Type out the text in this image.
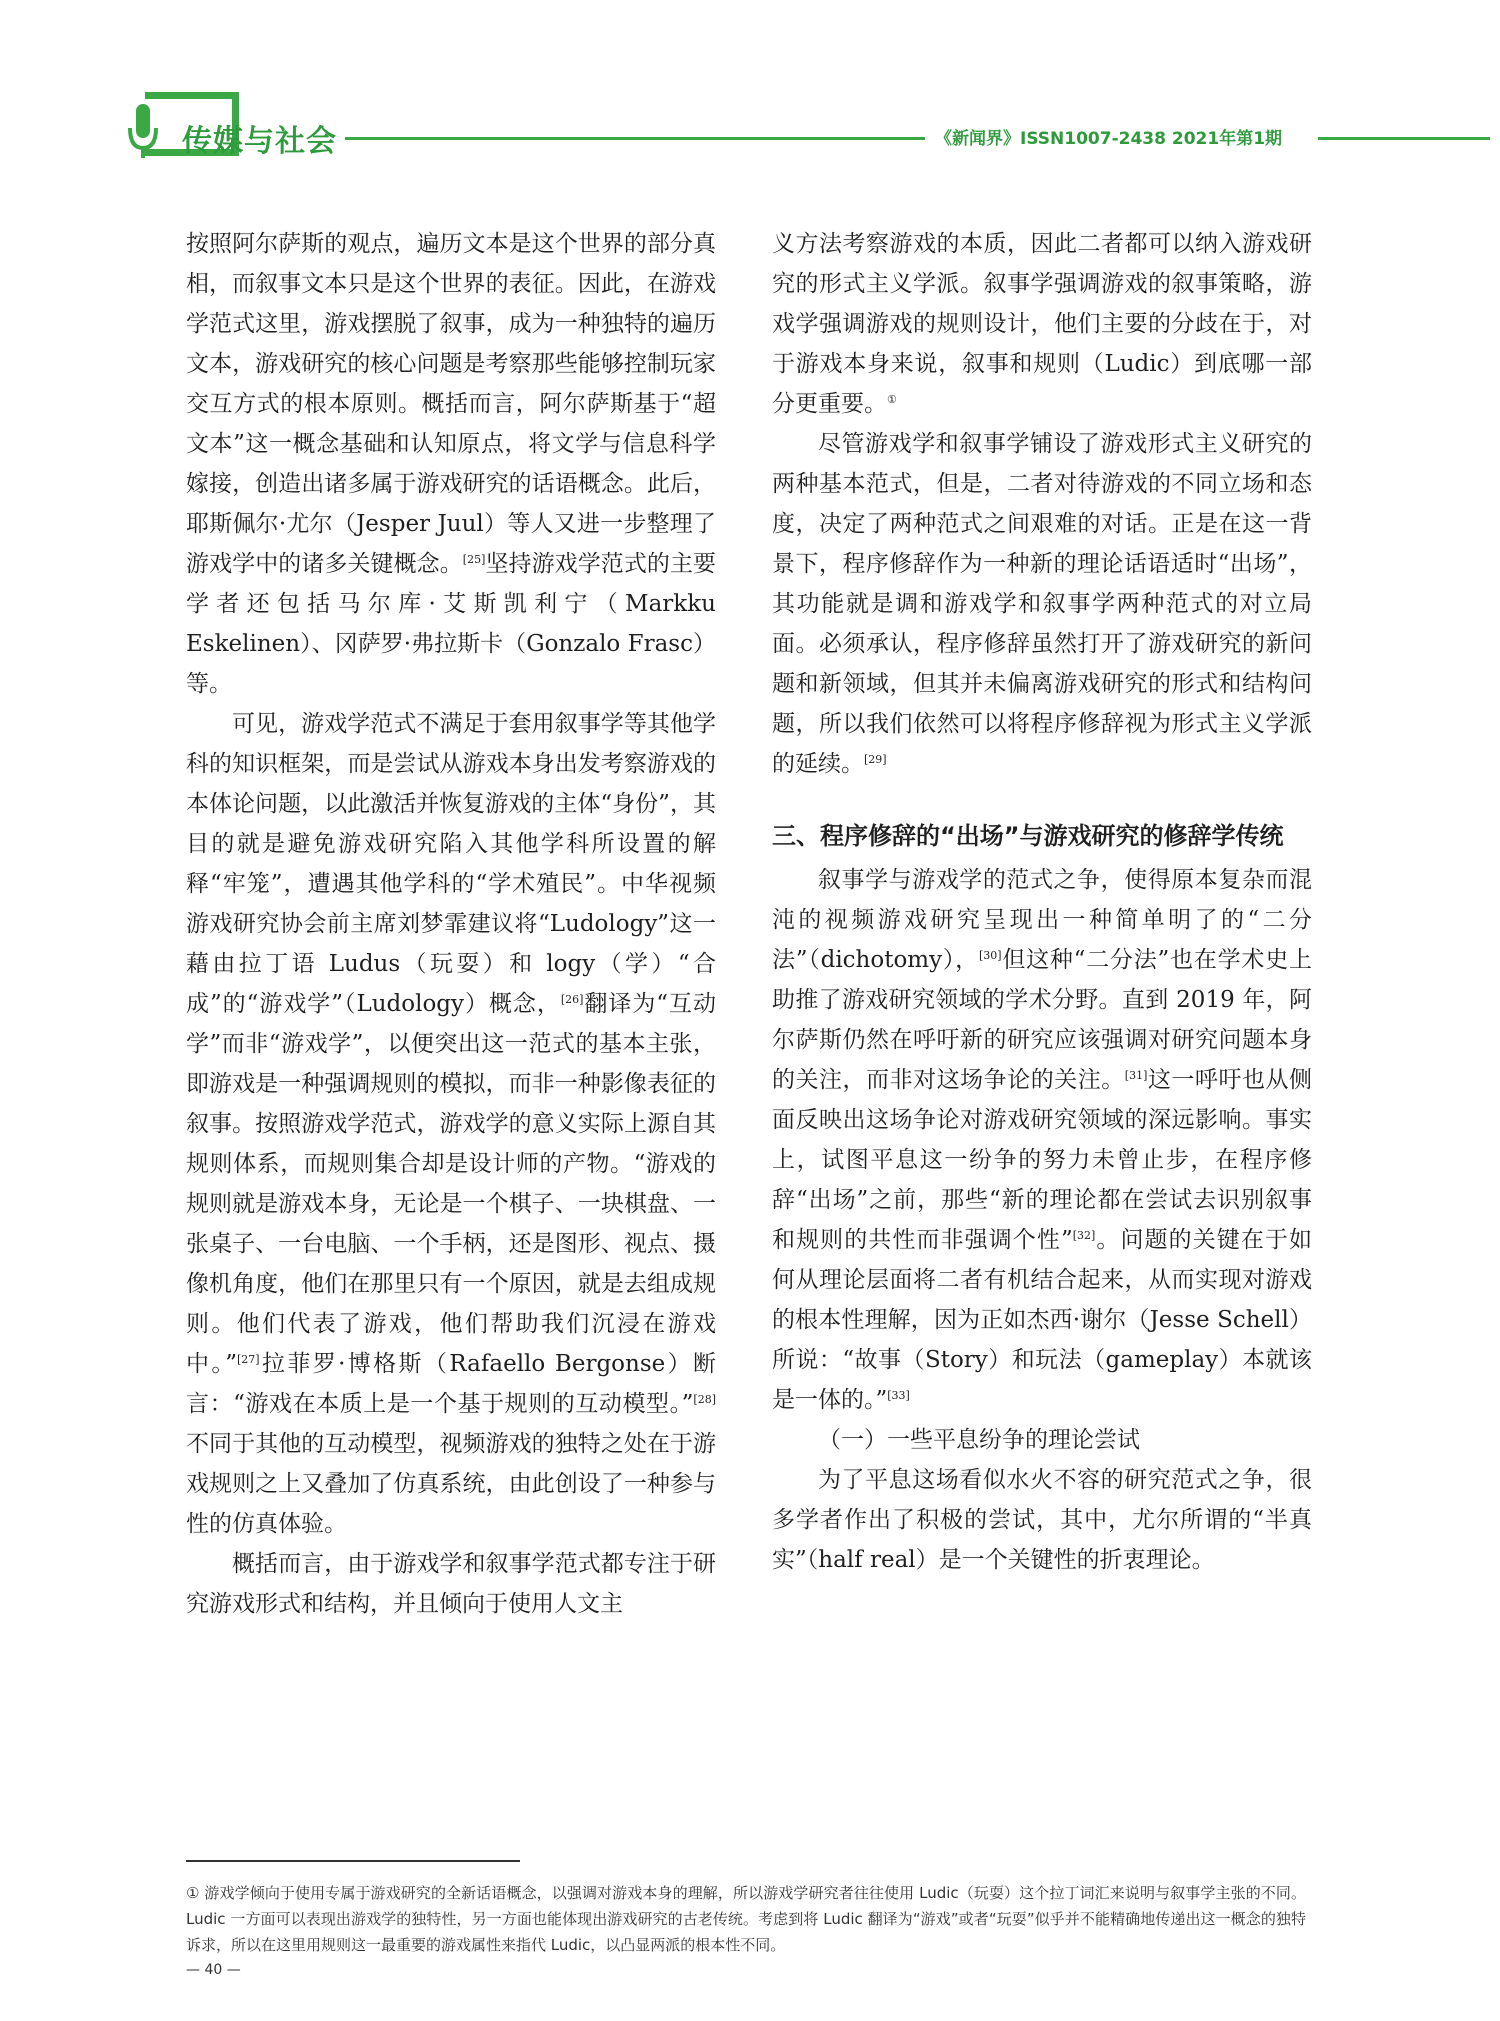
传媒与社会	《新闻界》ISSN1007-2438 2021年第1期

按照阿尔萨斯的观点，遍历文本是这个世界的部分真相，而叙事文本只是这个世界的表征。因此，在游戏学范式这里，游戏摆脱了叙事，成为一种独特的遍历文本，游戏研究的核心问题是考察那些能够控制玩家交互方式的根本原则。概括而言，阿尔萨斯基于“超文本”这一概念基础和认知原点，将文学与信息科学嫁接，创造出诸多属于游戏研究的话语概念。此后，耶斯佩尔·尤尔（Jesper Juul）等人又进一步整理了游戏学中的诸多关键概念。[25]坚持游戏学范式的主要学者还包括马尔库·艾斯凯利宁（Markku Eskelinen）、冈萨罗·弗拉斯卡（Gonzalo Frasc）等。

可见，游戏学范式不满足于套用叙事学等其他学科的知识框架，而是尝试从游戏本身出发考察游戏的本体论问题，以此激活并恢复游戏的主体“身份”，其目的就是避免游戏研究陷入其他学科所设置的解释“牢笼”，遭遇其他学科的“学术殖民”。中华视频游戏研究协会前主席刘梦霏建议将“Ludology”这一藉由拉丁语 Ludus（玩耍）和 logy（学）“合成”的“游戏学”（Ludology）概念，[26]翻译为“互动学”而非“游戏学”，以便突出这一范式的基本主张，即游戏是一种强调规则的模拟，而非一种影像表征的叙事。按照游戏学范式，游戏学的意义实际上源自其规则体系，而规则集合却是设计师的产物。“游戏的规则就是游戏本身，无论是一个棋子、一块棋盘、一张桌子、一台电脑、一个手柄，还是图形、视点、摄像机角度，他们在那里只有一个原因，就是去组成规则。他们代表了游戏，他们帮助我们沉浸在游戏中。”[27]拉菲罗·博格斯（Rafaello Bergonse）断言：“游戏在本质上是一个基于规则的互动模型。”[28]不同于其他的互动模型，视频游戏的独特之处在于游戏规则之上又叠加了仿真系统，由此创设了一种参与性的仿真体验。

概括而言，由于游戏学和叙事学范式都专注于研究游戏形式和结构，并且倾向于使用人文主

义方法考察游戏的本质，因此二者都可以纳入游戏研究的形式主义学派。叙事学强调游戏的叙事策略，游戏学强调游戏的规则设计，他们主要的分歧在于，对于游戏本身来说，叙事和规则（Ludic）到底哪一部分更重要。①

尽管游戏学和叙事学铺设了游戏形式主义研究的两种基本范式，但是，二者对待游戏的不同立场和态度，决定了两种范式之间艰难的对话。正是在这一背景下，程序修辞作为一种新的理论话语适时“出场”，其功能就是调和游戏学和叙事学两种范式的对立局面。必须承认，程序修辞虽然打开了游戏研究的新问题和新领域，但其并未偏离游戏研究的形式和结构问题，所以我们依然可以将程序修辞视为形式主义学派的延续。[29]

三、程序修辞的“出场”与游戏研究的修辞学传统

叙事学与游戏学的范式之争，使得原本复杂而混沌的视频游戏研究呈现出一种简单明了的“二分法”（dichotomy），[30]但这种“二分法”也在学术史上助推了游戏研究领域的学术分野。直到 2019 年，阿尔萨斯仍然在呼吁新的研究应该强调对研究问题本身的关注，而非对这场争论的关注。[31]这一呼吁也从侧面反映出这场争论对游戏研究领域的深远影响。事实上，试图平息这一纷争的努力未曾止步，在程序修辞“出场”之前，那些“新的理论都在尝试去识别叙事和规则的共性而非强调个性”[32]。问题的关键在于如何从理论层面将二者有机结合起来，从而实现对游戏的根本性理解，因为正如杰西·谢尔（Jesse Schell）所说：“故事（Story）和玩法（gameplay）本就该是一体的。”[33]

（一）一些平息纷争的理论尝试

为了平息这场看似水火不容的研究范式之争，很多学者作出了积极的尝试，其中，尤尔所谓的“半真实”（half real）是一个关键性的折衷理论。

① 游戏学倾向于使用专属于游戏研究的全新话语概念，以强调对游戏本身的理解，所以游戏学研究者往往使用 Ludic（玩耍）这个拉丁词汇来说明与叙事学主张的不同。Ludic 一方面可以表现出游戏学的独特性，另一方面也能体现出游戏研究的古老传统。考虑到将 Ludic 翻译为“游戏”或者“玩耍”似乎并不能精确地传递出这一概念的独特诉求，所以在这里用规则这一最重要的游戏属性来指代 Ludic，以凸显两派的根本性不同。
— 40 —
